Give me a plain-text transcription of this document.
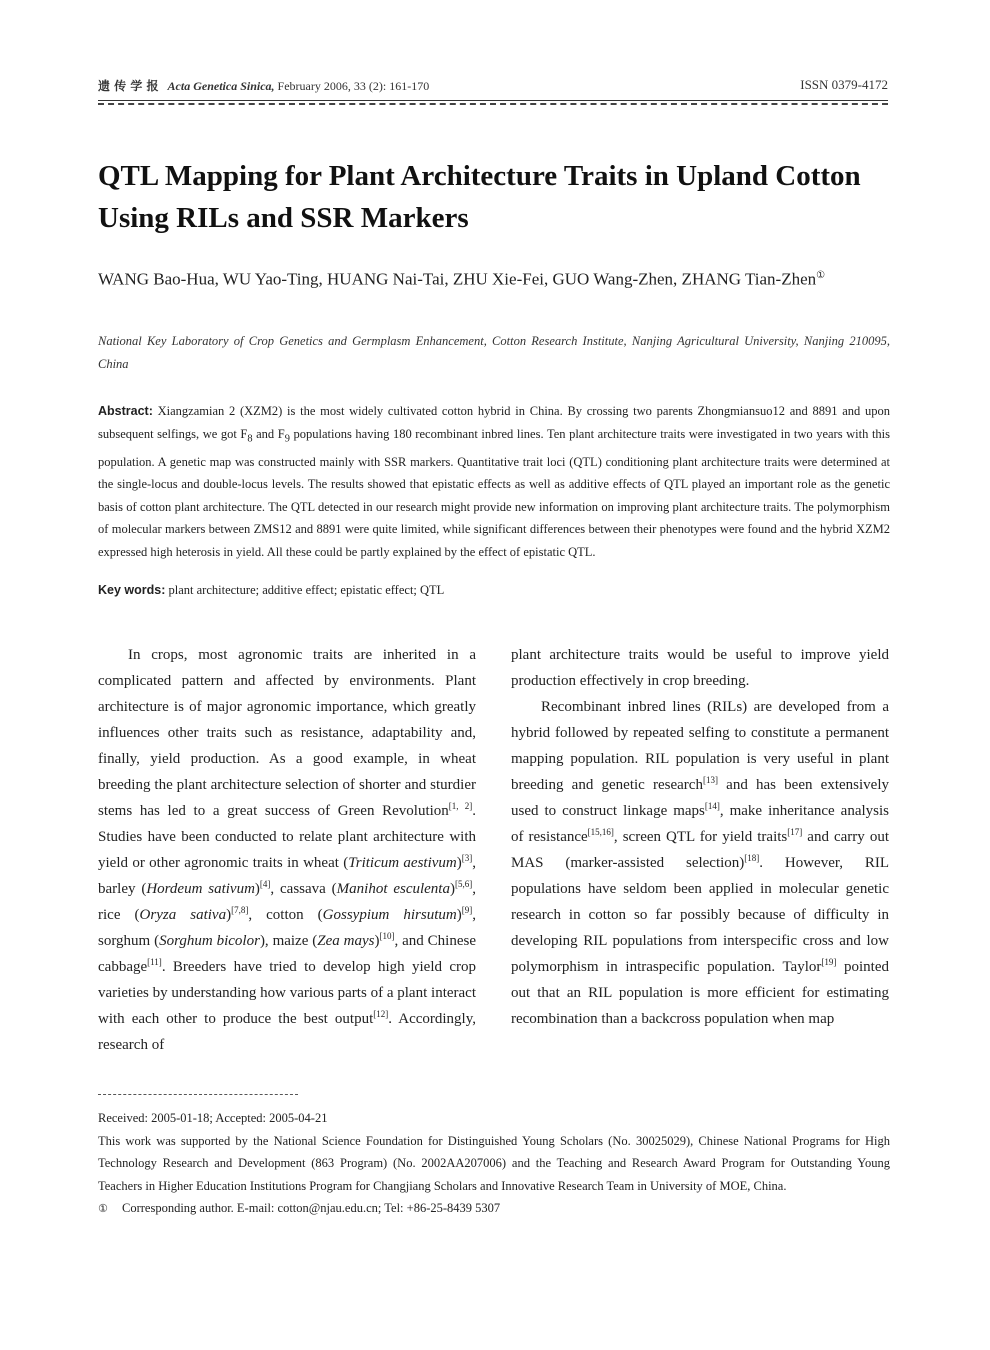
遗 传 学 报 Acta Genetica Sinica, February 2006, 33 (2): 161-170	ISSN 0379-4172
QTL Mapping for Plant Architecture Traits in Upland Cotton Using RILs and SSR Markers
WANG Bao-Hua, WU Yao-Ting, HUANG Nai-Tai, ZHU Xie-Fei, GUO Wang-Zhen, ZHANG Tian-Zhen①
National Key Laboratory of Crop Genetics and Germplasm Enhancement, Cotton Research Institute, Nanjing Agricultural University, Nanjing 210095, China
Abstract: Xiangzamian 2 (XZM2) is the most widely cultivated cotton hybrid in China. By crossing two parents Zhongmiansuo12 and 8891 and upon subsequent selfings, we got $F_8$ and $F_9$ populations having 180 recombinant inbred lines. Ten plant architecture traits were investigated in two years with this population. A genetic map was constructed mainly with SSR markers. Quantitative trait loci (QTL) conditioning plant architecture traits were determined at the single-locus and double-locus levels. The results showed that epistatic effects as well as additive effects of QTL played an important role as the genetic basis of cotton plant architecture. The QTL detected in our research might provide new information on improving plant architecture traits. The polymorphism of molecular markers between ZMS12 and 8891 were quite limited, while significant differences between their phenotypes were found and the hybrid XZM2 expressed high heterosis in yield. All these could be partly explained by the effect of epistatic QTL.
Key words: plant architecture; additive effect; epistatic effect; QTL

In crops, most agronomic traits are inherited in a complicated pattern and affected by environments. Plant architecture is of major agronomic importance, which greatly influences other traits such as resistance, adaptability and, finally, yield production. As a good example, in wheat breeding the plant architecture selection of shorter and sturdier stems has led to a great success of Green Revolution[1, 2]. Studies have been conducted to relate plant architecture with yield or other agronomic traits in wheat (Triticum aestivum)[3], barley (Hordeum sativum)[4], cassava (Manihot esculenta)[5,6], rice (Oryza sativa)[7,8], cotton (Gossypium hirsutum)[9], sorghum (Sorghum bicolor), maize (Zea mays)[10], and Chinese cabbage[11]. Breeders have tried to develop high yield crop varieties by understanding how various parts of a plant interact with each other to produce the best output[12]. Accordingly, research of

plant architecture traits would be useful to improve yield production effectively in crop breeding.

Recombinant inbred lines (RILs) are developed from a hybrid followed by repeated selfing to constitute a permanent mapping population. RIL population is very useful in plant breeding and genetic research[13] and has been extensively used to construct linkage maps[14], make inheritance analysis of resistance[15,16], screen QTL for yield traits[17] and carry out MAS (marker-assisted selection)[18]. However, RIL populations have seldom been applied in molecular genetic research in cotton so far possibly because of difficulty in developing RIL populations from interspecific cross and low polymorphism in intraspecific population. Taylor[19] pointed out that an RIL population is more efficient for estimating recombination than a backcross population when map

Received: 2005-01-18; Accepted: 2005-04-21

This work was supported by the National Science Foundation for Distinguished Young Scholars (No. 30025029), Chinese National Programs for High Technology Research and Development (863 Program) (No. 2002AA207006) and the Teaching and Research Award Program for Outstanding Young Teachers in Higher Education Institutions Program for Changjiang Scholars and Innovative Research Team in University of MOE, China.

① Corresponding author. E-mail: cotton@njau.edu.cn; Tel: +86-25-8439 5307
